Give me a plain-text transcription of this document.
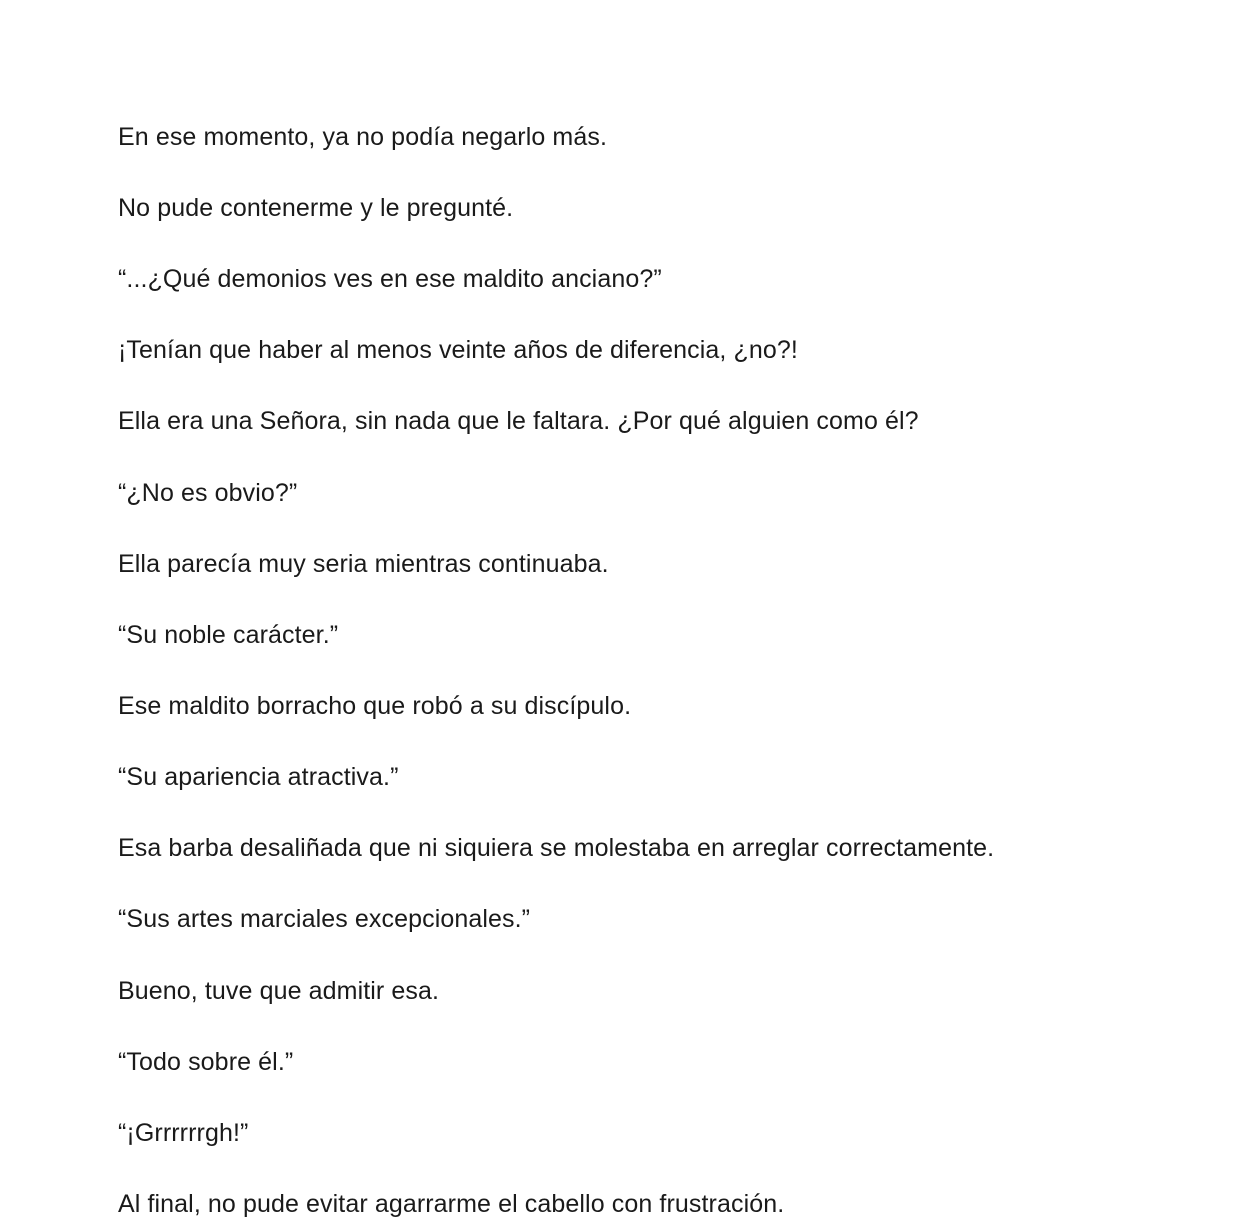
En ese momento, ya no podía negarlo más.

No pude contenerme y le pregunté.

“...¿Qué demonios ves en ese maldito anciano?”

¡Tenían que haber al menos veinte años de diferencia, ¿no?!

Ella era una Señora, sin nada que le faltara. ¿Por qué alguien como él?

“¿No es obvio?”

Ella parecía muy seria mientras continuaba.

“Su noble carácter.”

Ese maldito borracho que robó a su discípulo.

“Su apariencia atractiva.”

Esa barba desaliñada que ni siquiera se molestaba en arreglar correctamente.

“Sus artes marciales excepcionales.”

Bueno, tuve que admitir esa.

“Todo sobre él.”

“¡Grrrrrrgh!”

Al final, no pude evitar agarrarme el cabello con frustración.
